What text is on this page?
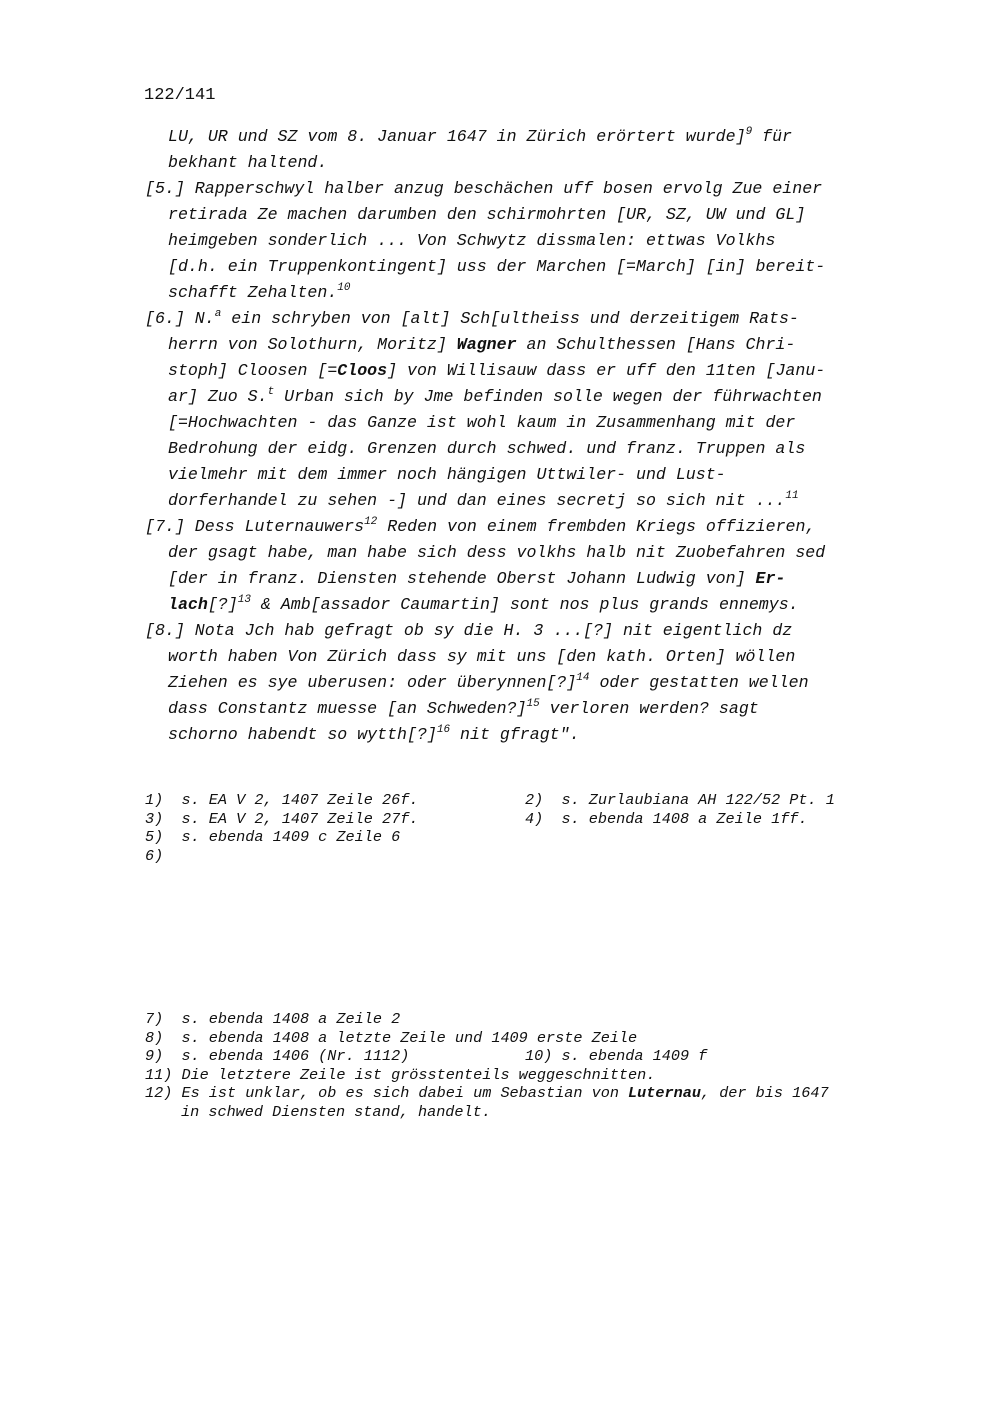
122/141
LU, UR und SZ vom 8. Januar 1647 in Zürich erörtert wurde]$^9$ für
bekhant haltend.
[5.] Rapperschwyl halber anzug beschächen uff bosen ervolg Zue einer
retirada Ze machen darumben den schirmohrten [UR, SZ, UW und GL]
heimgeben sonderlich ... Von Schwytz dissmalen: ettwas Volkhs
[d.h. ein Truppenkontingent] uss der Marchen [=March] [in] bereit-
schafft Zehalten.$^{10}$
[6.] N.$^a$ ein schryben von [alt] Sch[ultheiss und derzeitigem Rats-
herrn von Solothurn, Moritz] Wagner an Schulthessen [Hans Chri-
stoph] Cloosen [=Cloos] von Willisauw dass er uff den 11ten [Janu-
ar] Zuo S.$^t$ Urban sich by Jme befinden solle wegen der führwachten
[=Hochwachten - das Ganze ist wohl kaum in Zusammenhang mit der
Bedrohung der eidg. Grenzen durch schwed. und franz. Truppen als
vielmehr mit dem immer noch hängigen Uttwiler- und Lust-
dorferhandel zu sehen -] und dan eines secretj so sich nit ...$^{11}$
[7.] Dess Luternauwers$^{12}$ Reden von einem frembden Kriegs offizieren,
der gsagt habe, man habe sich dess volkhs halb nit Zuobefahren sed
[der in franz. Diensten stehende Oberst Johann Ludwig von] Er-
lach[?]$^{13}$ & Amb[assador Caumartin] sont nos plus grands ennemys.
[8.] Nota Jch hab gefragt ob sy die H. 3 ...[?] nit eigentlich dz
worth haben Von Zürich dass sy mit uns [den kath. Orten] wöllen
Ziehen es sye uberusen: oder überynnen[?]$^{14}$ oder gestatten wellen
dass Constantz muesse [an Schweden?]$^{15}$ verloren werden? sagt
schorno habendt so wytth[?]$^{16}$ nit gfragt".
1)  s. EA V 2, 1407 Zeile 26f.	2)  s. Zurlaubiana AH 122/52 Pt. 1
3)  s. EA V 2, 1407 Zeile 27f.	4)  s. ebenda 1408 a Zeile 1ff.
5)  s. ebenda 1409 c Zeile 6
6)
7)  s. ebenda 1408 a Zeile 2
8)  s. ebenda 1408 a letzte Zeile und 1409 erste Zeile
9)  s. ebenda 1406 (Nr. 1112)	10) s. ebenda 1409 f
11) Die letztere Zeile ist grösstenteils weggeschnitten.
12) Es ist unklar, ob es sich dabei um Sebastian von Luternau, der bis 1647
in schwed Diensten stand, handelt.
